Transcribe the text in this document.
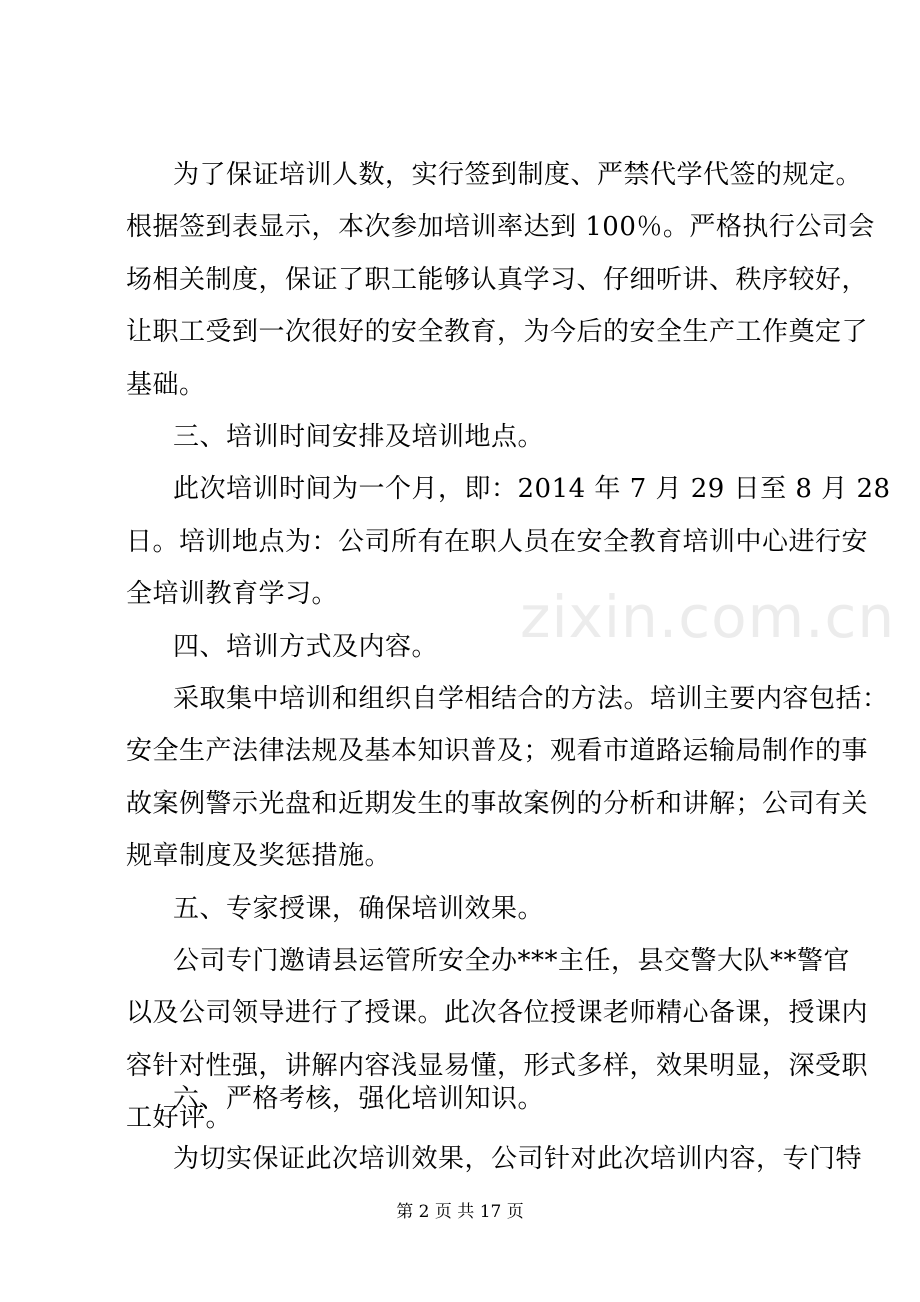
zixin.com.cn
为了保证培训人数，实行签到制度、严禁代学代签的规定。
根据签到表显示，本次参加培训率达到 100％。严格执行公司会
场相关制度，保证了职工能够认真学习、仔细听讲、秩序较好，
让职工受到一次很好的安全教育，为今后的安全生产工作奠定了
基础。
三、培训时间安排及培训地点。
此次培训时间为一个月，即：2014 年 7 月 29 日至 8 月 28
日。培训地点为：公司所有在职人员在安全教育培训中心进行安
全培训教育学习。
四、培训方式及内容。
采取集中培训和组织自学相结合的方法。培训主要内容包括：
安全生产法律法规及基本知识普及；观看市道路运输局制作的事
故案例警示光盘和近期发生的事故案例的分析和讲解；公司有关
规章制度及奖惩措施。
五、专家授课，确保培训效果。
公司专门邀请县运管所安全办***主任，县交警大队**警官
以及公司领导进行了授课。此次各位授课老师精心备课，授课内
容针对性强，讲解内容浅显易懂，形式多样，效果明显，深受职
工好评。
六、严格考核，强化培训知识。
为切实保证此次培训效果，公司针对此次培训内容，专门特
第 2 页 共 17 页
